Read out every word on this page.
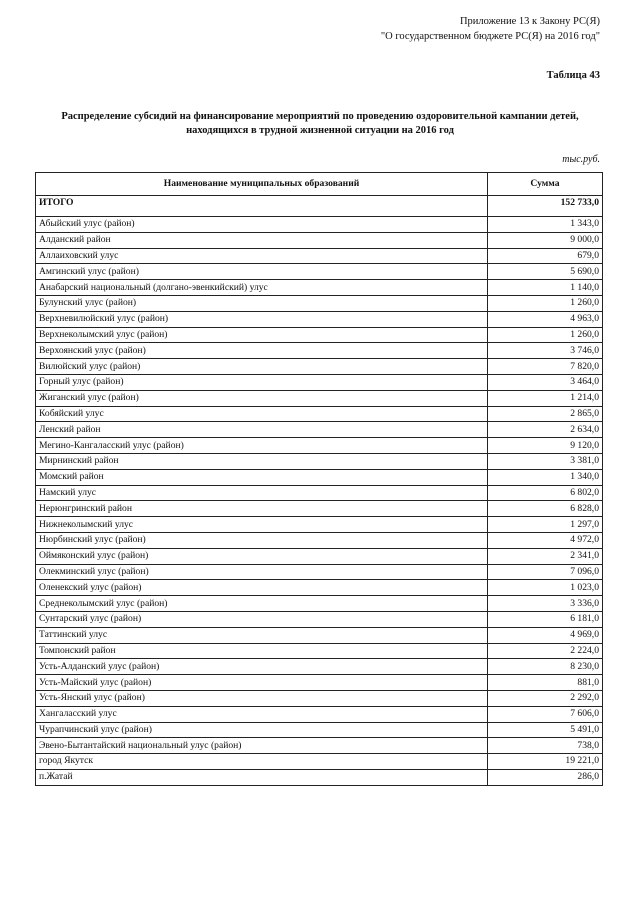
Приложение 13 к Закону РС(Я)
"О государственном бюджете РС(Я) на 2016 год"
Таблица 43
Распределение субсидий на финансирование мероприятий по проведению оздоровительной кампании детей,
находящихся в трудной жизненной ситуации на 2016 год
тыс.руб.
Наименование муниципальных образований	Сумма
ИТОГО	152 733,0
Абыйский улус (район)	1 343,0
Алданский район	9 000,0
Аллаиховский улус	679,0
Амгинский улус (район)	5 690,0
Анабарский национальный (долгано-эвенкийский) улус	1 140,0
Булунский улус (район)	1 260,0
Верхневилюйский улус (район)	4 963,0
Верхнеколымский улус (район)	1 260,0
Верхоянский улус (район)	3 746,0
Вилюйский улус (район)	7 820,0
Горный улус (район)	3 464,0
Жиганский улус (район)	1 214,0
Кобяйский улус	2 865,0
Ленский район	2 634,0
Мегино-Кангаласский улус (район)	9 120,0
Мирнинский район	3 381,0
Момский район	1 340,0
Намский улус	6 802,0
Нерюнгринский район	6 828,0
Нижнеколымский улус	1 297,0
Нюрбинский улус (район)	4 972,0
Оймяконский улус (район)	2 341,0
Олекминский улус (район)	7 096,0
Оленекский улус (район)	1 023,0
Среднеколымский улус (район)	3 336,0
Сунтарский улус (район)	6 181,0
Таттинский улус	4 969,0
Томпонский район	2 224,0
Усть-Алданский улус (район)	8 230,0
Усть-Майский улус (район)	881,0
Усть-Янский улус (район)	2 292,0
Хангаласский улус	7 606,0
Чурапчинский улус (район)	5 491,0
Эвено-Бытантайский национальный улус (район)	738,0
город Якутск	19 221,0
п.Жатай	286,0
